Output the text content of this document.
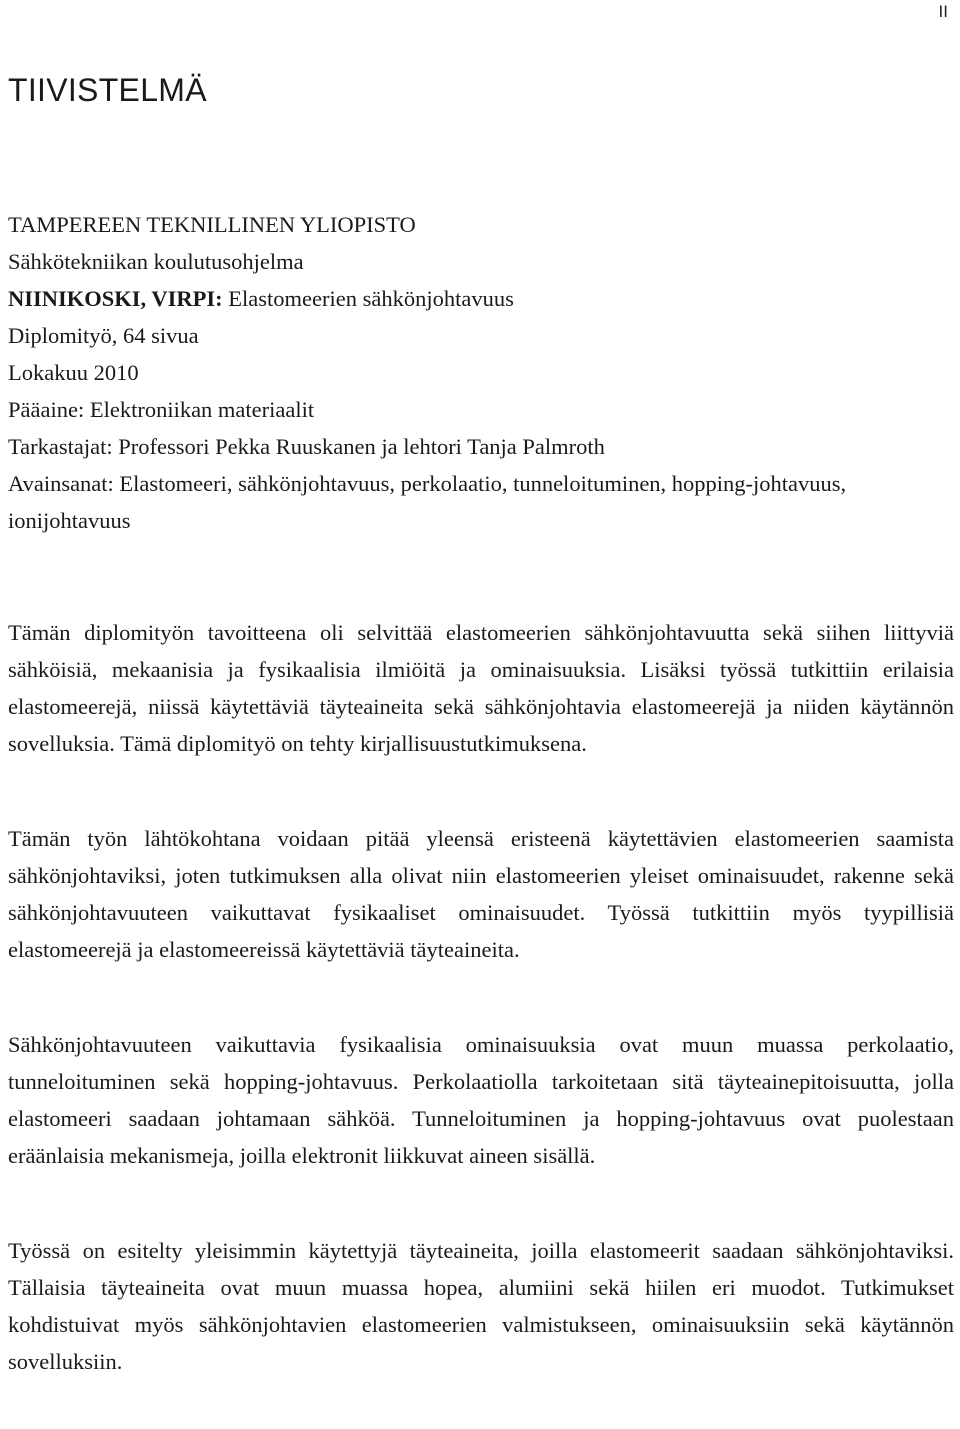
II
TIIVISTELMÄ
TAMPEREEN TEKNILLINEN YLIOPISTO
Sähkötekniikan koulutusohjelma
NIINIKOSKI, VIRPI: Elastomeerien sähkönjohtavuus
Diplomityö, 64 sivua
Lokakuu 2010
Pääaine: Elektroniikan materiaalit
Tarkastajat: Professori Pekka Ruuskanen ja lehtori Tanja Palmroth
Avainsanat: Elastomeeri, sähkönjohtavuus, perkolaatio, tunneloituminen, hopping-johtavuus, ionijohtavuus

Tämän diplomityön tavoitteena oli selvittää elastomeerien sähkönjohtavuutta sekä siihen liittyviä sähköisiä, mekaanisia ja fysikaalisia ilmiöitä ja ominaisuuksia. Lisäksi työssä tutkittiin erilaisia elastomeerejä, niissä käytettäviä täyteaineita sekä sähkönjohtavia elastomeerejä ja niiden käytännön sovelluksia. Tämä diplomityö on tehty kirjallisuustutkimuksena.

Tämän työn lähtökohtana voidaan pitää yleensä eristeenä käytettävien elastomeerien saamista sähkönjohtaviksi, joten tutkimuksen alla olivat niin elastomeerien yleiset ominaisuudet, rakenne sekä sähkönjohtavuuteen vaikuttavat fysikaaliset ominaisuudet. Työssä tutkittiin myös tyypillisiä elastomeerejä ja elastomeereissä käytettäviä täyteaineita.

Sähkönjohtavuuteen vaikuttavia fysikaalisia ominaisuuksia ovat muun muassa perkolaatio, tunneloituminen sekä hopping-johtavuus. Perkolaatiolla tarkoitetaan sitä täyteainepitoisuutta, jolla elastomeeri saadaan johtamaan sähköä. Tunneloituminen ja hopping-johtavuus ovat puolestaan eräänlaisia mekanismeja, joilla elektronit liikkuvat aineen sisällä.

Työssä on esitelty yleisimmin käytettyjä täyteaineita, joilla elastomeerit saadaan sähkönjohtaviksi. Tällaisia täyteaineita ovat muun muassa hopea, alumiini sekä hiilen eri muodot. Tutkimukset kohdistuivat myös sähkönjohtavien elastomeerien valmistukseen, ominaisuuksiin sekä käytännön sovelluksiin.
